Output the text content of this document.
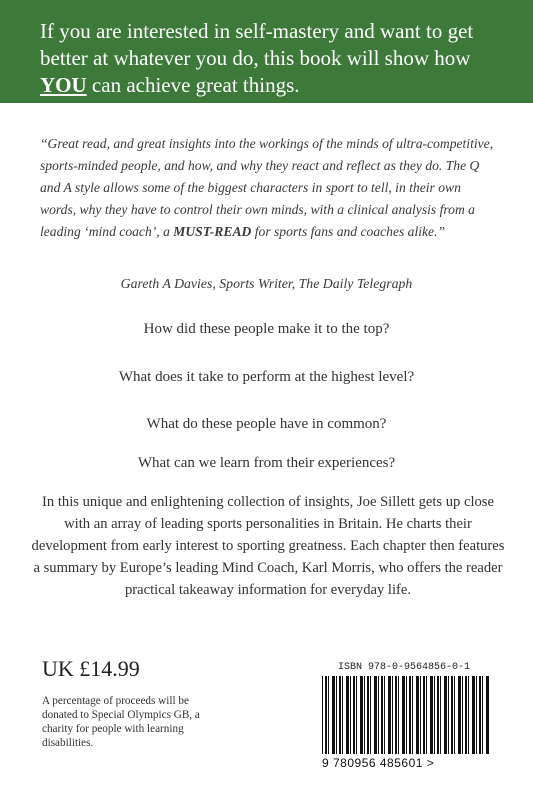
If you are interested in self-mastery and want to get better at whatever you do, this book will show how YOU can achieve great things.
“Great read, and great insights into the workings of the minds of ultra-competitive, sports-minded people, and how, and why they react and reflect as they do. The Q and A style allows some of the biggest characters in sport to tell, in their own words, why they have to control their own minds, with a clinical analysis from a leading ‘mind coach’, a MUST-READ for sports fans and coaches alike.”
Gareth A Davies, Sports Writer, The Daily Telegraph
How did these people make it to the top?
What does it take to perform at the highest level?
What do these people have in common?
What can we learn from their experiences?
In this unique and enlightening collection of insights, Joe Sillett gets up close with an array of leading sports personalities in Britain. He charts their development from early interest to sporting greatness. Each chapter then features a summary by Europe’s leading Mind Coach, Karl Morris, who offers the reader practical takeaway information for everyday life.
UK £14.99
A percentage of proceeds will be donated to Special Olympics GB, a charity for people with learning disabilities.
ISBN 978-0-9564856-0-1
9 780956 485601 >
